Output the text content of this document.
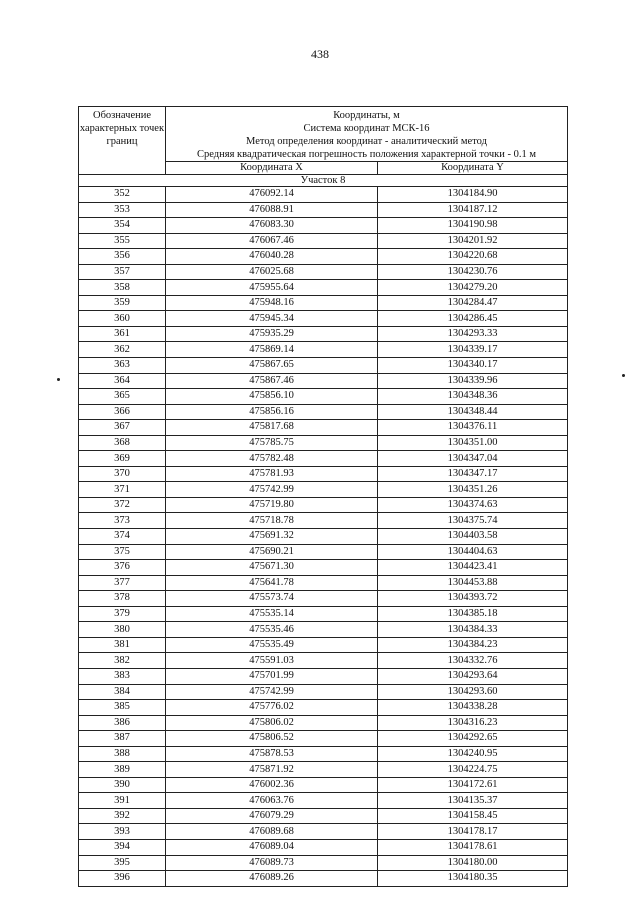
438
Обозначение характерных точек границ	Координаты, м
Система координат МСК-16
Метод определения координат - аналитический метод
Средняя квадратическая погрешность положения характерной точки - 0.1 м	

	Координата X	Координата Y
Участок 8		
352	476092.14	1304184.90
353	476088.91	1304187.12
354	476083.30	1304190.98
355	476067.46	1304201.92
356	476040.28	1304220.68
357	476025.68	1304230.76
358	475955.64	1304279.20
359	475948.16	1304284.47
360	475945.34	1304286.45
361	475935.29	1304293.33
362	475869.14	1304339.17
363	475867.65	1304340.17
364	475867.46	1304339.96
365	475856.10	1304348.36
366	475856.16	1304348.44
367	475817.68	1304376.11
368	475785.75	1304351.00
369	475782.48	1304347.04
370	475781.93	1304347.17
371	475742.99	1304351.26
372	475719.80	1304374.63
373	475718.78	1304375.74
374	475691.32	1304403.58
375	475690.21	1304404.63
376	475671.30	1304423.41
377	475641.78	1304453.88
378	475573.74	1304393.72
379	475535.14	1304385.18
380	475535.46	1304384.33
381	475535.49	1304384.23
382	475591.03	1304332.76
383	475701.99	1304293.64
384	475742.99	1304293.60
385	475776.02	1304338.28
386	475806.02	1304316.23
387	475806.52	1304292.65
388	475878.53	1304240.95
389	475871.92	1304224.75
390	476002.36	1304172.61
391	476063.76	1304135.37
392	476079.29	1304158.45
393	476089.68	1304178.17
394	476089.04	1304178.61
395	476089.73	1304180.00
396	476089.26	1304180.35
